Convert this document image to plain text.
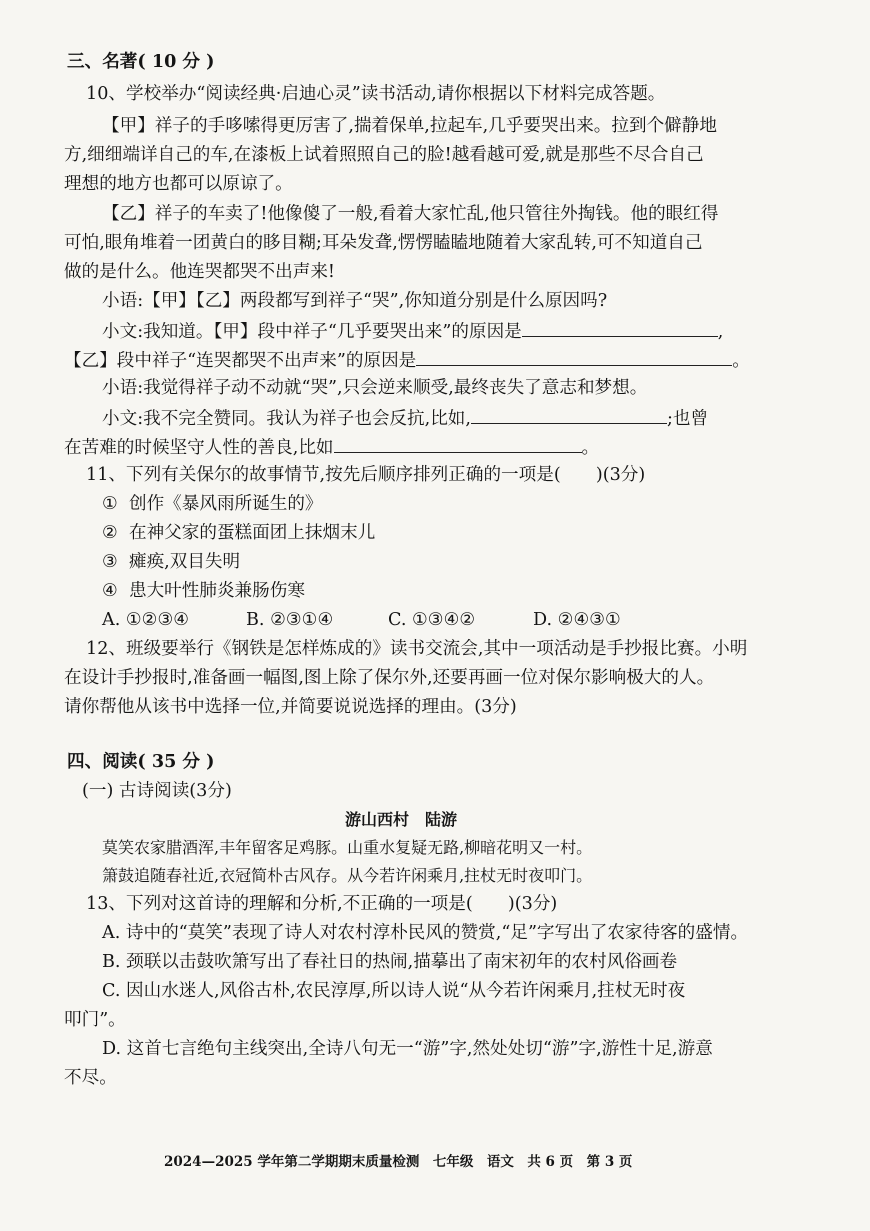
三、名著( 10 分 )
10、学校举办“阅读经典·启迪心灵”读书活动,请你根据以下材料完成答题。
【甲】祥子的手哆嗦得更厉害了,揣着保单,拉起车,几乎要哭出来。拉到个僻静地
方,细细端详自己的车,在漆板上试着照照自己的脸!越看越可爱,就是那些不尽合自己
理想的地方也都可以原谅了。
【乙】祥子的车卖了!他像傻了一般,看着大家忙乱,他只管往外掏钱。他的眼红得
可怕,眼角堆着一团黄白的眵目糊;耳朵发聋,愣愣瞌瞌地随着大家乱转,可不知道自己
做的是什么。他连哭都哭不出声来!
小语:【甲】【乙】两段都写到祥子“哭”,你知道分别是什么原因吗?
小文:我知道。【甲】段中祥子“几乎要哭出来”的原因是	,
【乙】段中祥子“连哭都哭不出声来”的原因是	。
小语:我觉得祥子动不动就“哭”,只会逆来顺受,最终丧失了意志和梦想。
小文:我不完全赞同。我认为祥子也会反抗,比如,	;也曾
在苦难的时候坚守人性的善良,比如	。
11、下列有关保尔的故事情节,按先后顺序排列正确的一项是(　　)(3分)
① 创作《暴风雨所诞生的》
② 在神父家的蛋糕面团上抹烟末儿
③ 瘫痪,双目失明
④ 患大叶性肺炎兼肠伤寒
A. ①②③④	B. ②③①④	C. ①③④②	D. ②④③①
12、班级要举行《钢铁是怎样炼成的》读书交流会,其中一项活动是手抄报比赛。小明
在设计手抄报时,准备画一幅图,图上除了保尔外,还要再画一位对保尔影响极大的人。
请你帮他从该书中选择一位,并简要说说选择的理由。(3分)
四、阅读( 35 分 )
(一) 古诗阅读(3分)
游山西村　陆游
莫笑农家腊酒浑,丰年留客足鸡豚。山重水复疑无路,柳暗花明又一村。
箫鼓追随春社近,衣冠简朴古风存。从今若许闲乘月,拄杖无时夜叩门。
13、下列对这首诗的理解和分析,不正确的一项是(　　)(3分)
A. 诗中的“莫笑”表现了诗人对农村淳朴民风的赞赏,“足”字写出了农家待客的盛情。
B. 颈联以击鼓吹箫写出了春社日的热闹,描摹出了南宋初年的农村风俗画卷
C. 因山水迷人,风俗古朴,农民淳厚,所以诗人说“从今若许闲乘月,拄杖无时夜
叩门”。
D. 这首七言绝句主线突出,全诗八句无一“游”字,然处处切“游”字,游性十足,游意
不尽。
2024—2025 学年第二学期期末质量检测　七年级　语文　共 6 页　第 3 页
